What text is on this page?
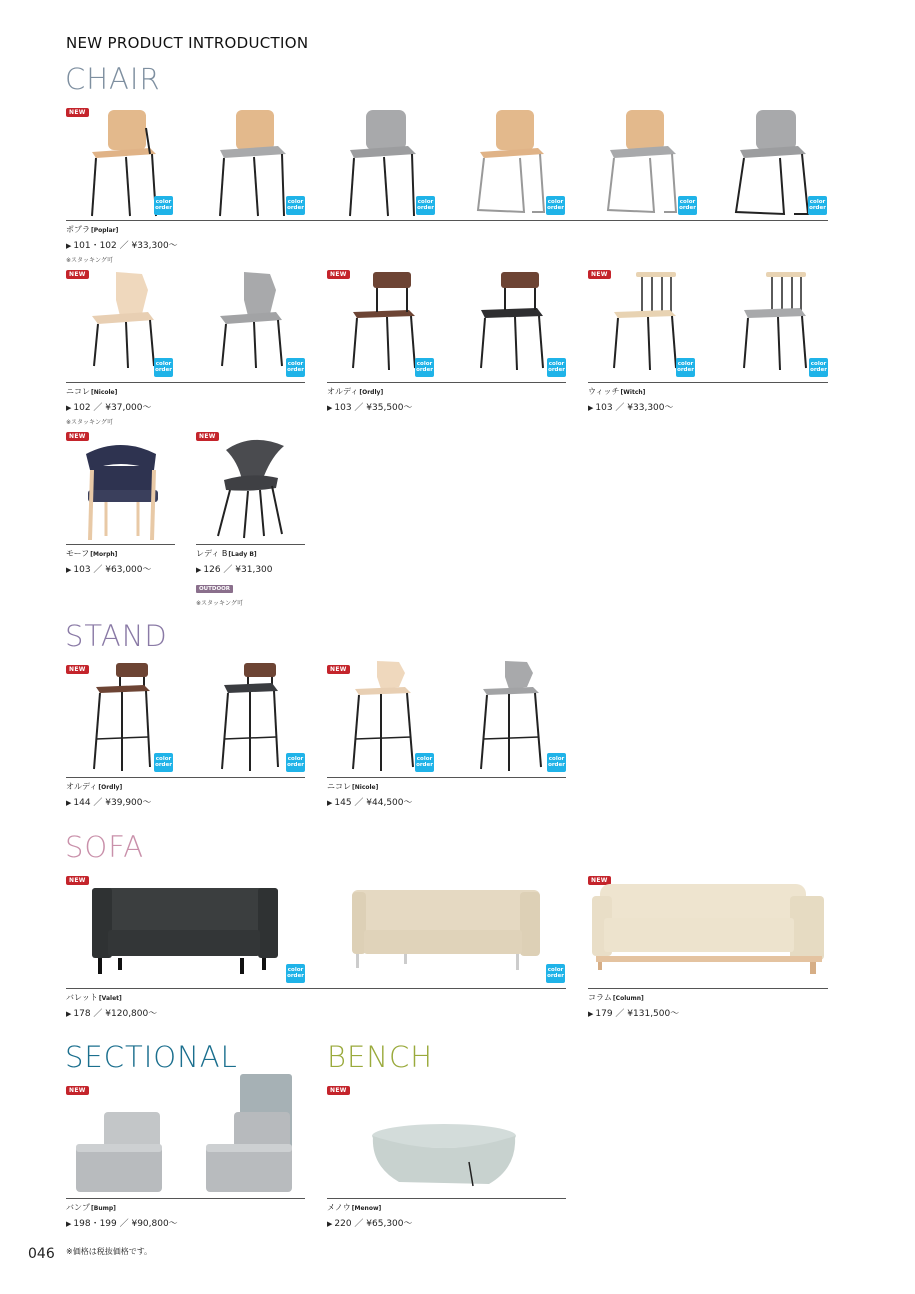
NEW PRODUCT INTRODUCTION
CHAIR
NEW
color
order
color
order
color
order
color
order
color
order
color
order
ポプラ[Poplar]
▶ 101・102 ／ ¥33,300～
※スタッキング可
NEW
color
order
color
order
ニコレ[Nicole]
▶ 102 ／ ¥37,000～
※スタッキング可
NEW
color
order
color
order
オルディ[Ordly]
▶ 103 ／ ¥35,500～
NEW
color
order
color
order
ウィッチ[Witch]
▶ 103 ／ ¥33,300～
NEW
モーフ[Morph]
▶ 103 ／ ¥63,000～
NEW
レディ B[Lady B]
▶ 126 ／ ¥31,300
OUTDOOR
※スタッキング可
STAND
NEW
color
order
color
order
オルディ[Ordly]
▶ 144 ／ ¥39,900～
NEW
color
order
color
order
ニコレ[Nicole]
▶ 145 ／ ¥44,500～
SOFA
NEW
color
order
color
order
バレット[Valet]
▶ 178 ／ ¥120,800～
NEW
コラム[Column]
▶ 179 ／ ¥131,500～
SECTIONAL	BENCH
NEW
バンプ[Bump]
▶ 198・199 ／ ¥90,800～
NEW
メノウ[Menow]
▶ 220 ／ ¥65,300～
046 ※価格は税抜価格です。
